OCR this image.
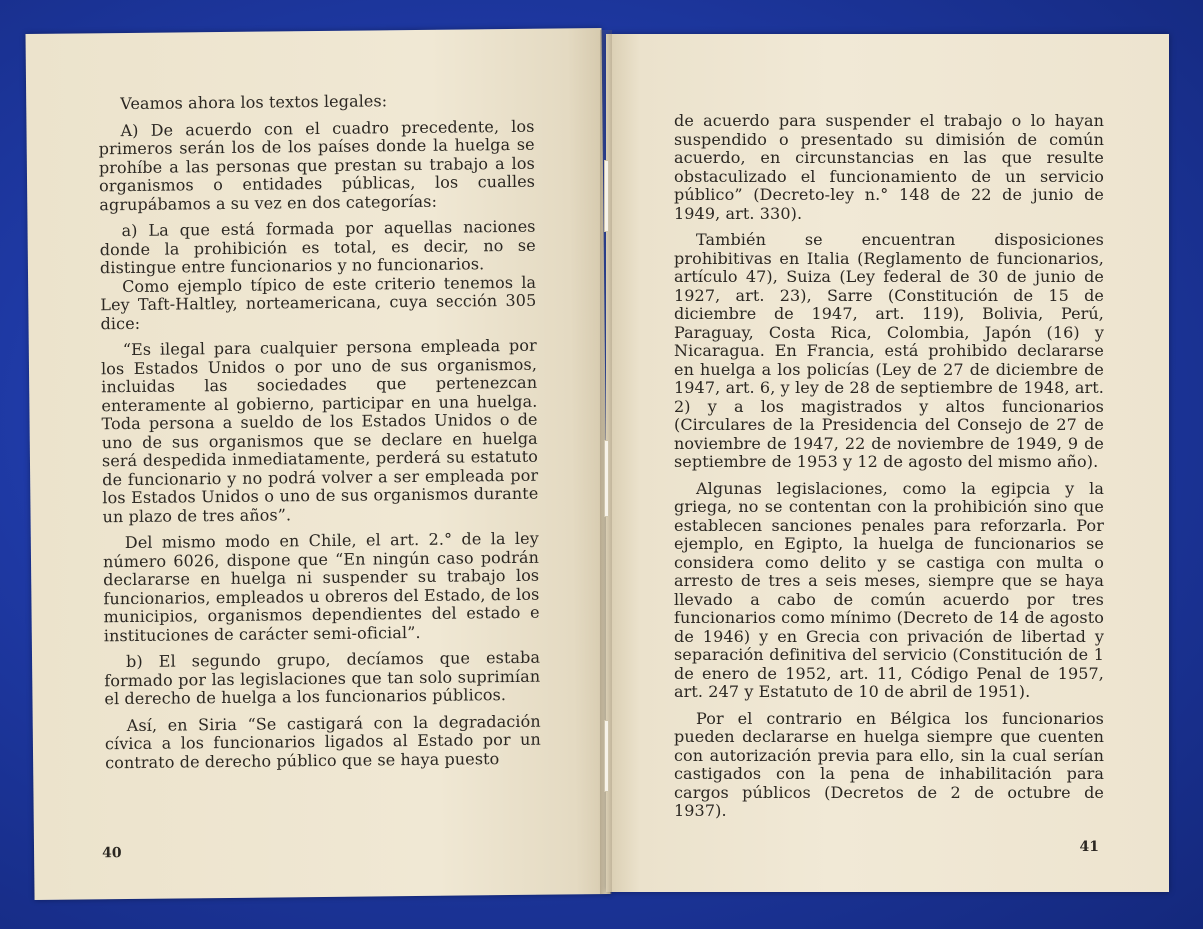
Veamos ahora los textos legales:

A) De acuerdo con el cuadro precedente, los primeros serán los de los países donde la huelga se prohíbe a las personas que prestan su trabajo a los organismos o entidades públicas, los cualles agrupábamos a su vez en dos categorías:

a) La que está formada por aquellas naciones donde la prohibición es total, es decir, no se distingue entre funcionarios y no funcionarios.

Como ejemplo típico de este criterio tenemos la Ley Taft-Haltley, norteamericana, cuya sección 305 dice:

“Es ilegal para cualquier persona empleada por los Estados Unidos o por uno de sus organismos, incluidas las sociedades que pertenezcan enteramente al gobierno, participar en una huelga. Toda persona a sueldo de los Estados Unidos o de uno de sus organismos que se declare en huelga será despedida inmediatamente, perderá su estatuto de funcionario y no podrá volver a ser empleada por los Estados Unidos o uno de sus organismos durante un plazo de tres años”.

Del mismo modo en Chile, el art. 2.° de la ley número 6026, dispone que “En ningún caso podrán declararse en huelga ni suspender su trabajo los funcionarios, empleados u obreros del Estado, de los municipios, organismos dependientes del estado e instituciones de carácter semi-oficial”.

b) El segundo grupo, decíamos que estaba formado por las legislaciones que tan solo suprimían el derecho de huelga a los funcionarios públicos.

Así, en Siria “Se castigará con la degradación cívica a los funcionarios ligados al Estado por un contrato de derecho público que se haya puesto

40

de acuerdo para suspender el trabajo o lo hayan suspendido o presentado su dimisión de común acuerdo, en circunstancias en las que resulte obstaculizado el funcionamiento de un servicio público” (Decreto-ley n.° 148 de 22 de junio de 1949, art. 330).

También se encuentran disposiciones prohibitivas en Italia (Reglamento de funcionarios, artículo 47), Suiza (Ley federal de 30 de junio de 1927, art. 23), Sarre (Constitución de 15 de diciembre de 1947, art. 119), Bolivia, Perú, Paraguay, Costa Rica, Colombia, Japón (16) y Nicaragua. En Francia, está prohibido declararse en huelga a los policías (Ley de 27 de diciembre de 1947, art. 6, y ley de 28 de septiembre de 1948, art. 2) y a los magistrados y altos funcionarios (Circulares de la Presidencia del Consejo de 27 de noviembre de 1947, 22 de noviembre de 1949, 9 de septiembre de 1953 y 12 de agosto del mismo año).

Algunas legislaciones, como la egipcia y la griega, no se contentan con la prohibición sino que establecen sanciones penales para reforzarla. Por ejemplo, en Egipto, la huelga de funcionarios se considera como delito y se castiga con multa o arresto de tres a seis meses, siempre que se haya llevado a cabo de común acuerdo por tres funcionarios como mínimo (Decreto de 14 de agosto de 1946) y en Grecia con privación de libertad y separación definitiva del servicio (Constitución de 1 de enero de 1952, art. 11, Código Penal de 1957, art. 247 y Estatuto de 10 de abril de 1951).

Por el contrario en Bélgica los funcionarios pueden declararse en huelga siempre que cuenten con autorización previa para ello, sin la cual serían castigados con la pena de inhabilitación para cargos públicos (Decretos de 2 de octubre de 1937).

41
